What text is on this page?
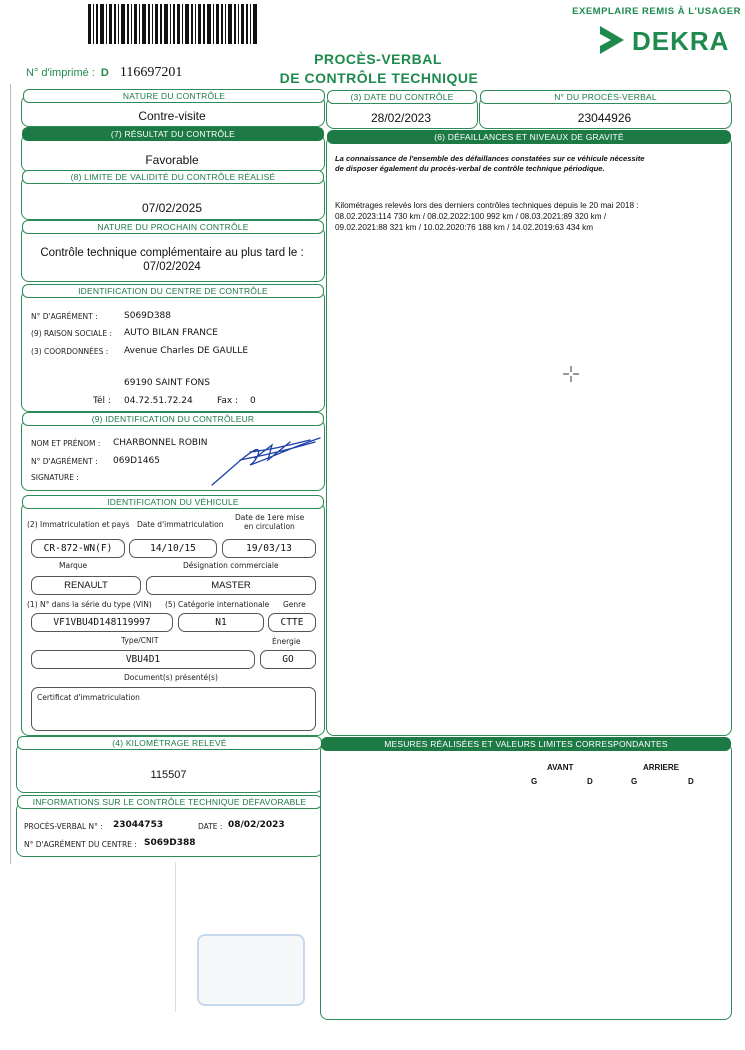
EXEMPLAIRE REMIS À L'USAGER
DEKRA
PROCÈS-VERBAL
DE CONTRÔLE TECHNIQUE
N° d'imprimé : D 116697201
NATURE DU CONTRÔLE
Contre-visite
(7) RÉSULTAT DU CONTRÔLE
Favorable
(8) LIMITE DE VALIDITÉ DU CONTRÔLE RÉALISÉ
07/02/2025
NATURE DU PROCHAIN CONTRÔLE
Contrôle technique complémentaire au plus tard le :
07/02/2024
IDENTIFICATION DU CENTRE DE CONTRÔLE
N° D'AGRÉMENT :	S069D388
(9) RAISON SOCIALE : AUTO BILAN FRANCE
(3) COORDONNÉES : Avenue Charles DE GAULLE
69190 SAINT FONS
Tél : 04.72.51.72.24	Fax : 0
(9) IDENTIFICATION DU CONTRÔLEUR
NOM ET PRÉNOM : CHARBONNEL ROBIN
N° D'AGRÉMENT : 069D1465
SIGNATURE :
IDENTIFICATION DU VÉHICULE
(2) Immatriculation et pays Date d'immatriculation
Date de 1ere mise
en circulation
CR-872-WN(F)	14/10/15	19/03/13
Marque	Désignation commerciale
RENAULT	MASTER
(1) N° dans la série du type (VIN) (5) Catégorie internationale Genre
VF1VBU4D148119997	N1	CTTE
Type/CNIT	Énergie
VBU4D1	GO
Document(s) présenté(s)
Certificat d'immatriculation
(4) KILOMÉTRAGE RELEVÉ
115507
INFORMATIONS SUR LE CONTRÔLE TECHNIQUE DÉFAVORABLE
PROCÈS-VERBAL N° : 23044753	DATE : 08/02/2023
N° D'AGRÉMENT DU CENTRE : S069D388
(3) DATE DU CONTRÔLE
28/02/2023
N° DU PROCÈS-VERBAL
23044926
(6) DÉFAILLANCES ET NIVEAUX DE GRAVITÉ
La connaissance de l'ensemble des défaillances constatées sur ce véhicule nécessite
de disposer également du procès-verbal de contrôle technique périodique.
Kilométrages relevés lors des derniers contrôles techniques depuis le 20 mai 2018 :
08.02.2023:114 730 km / 08.02.2022:100 992 km / 08.03.2021:89 320 km /
09.02.2021:88 321 km / 10.02.2020:76 188 km / 14.02.2019:63 434 km
MESURES RÉALISÉES ET VALEURS LIMITES CORRESPONDANTES
AVANT	ARRIERE
G	D	G	D
